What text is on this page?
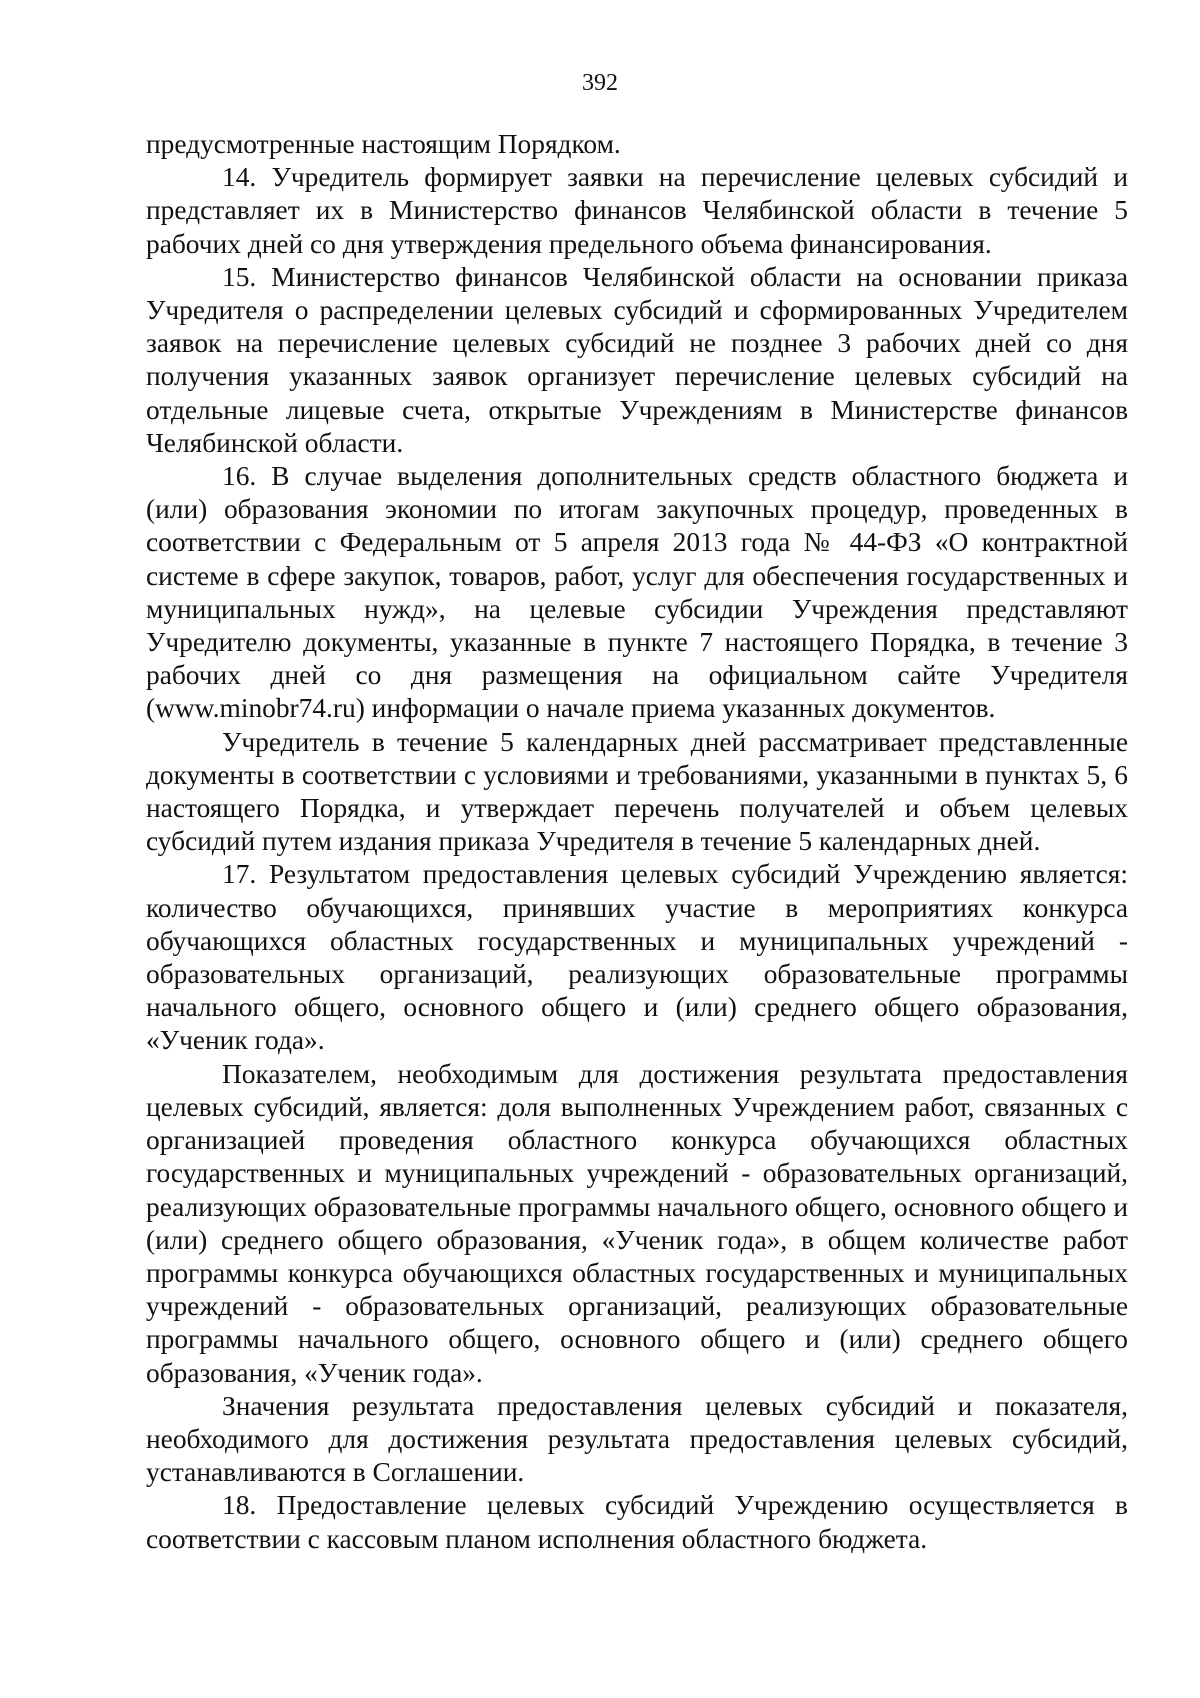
392

предусмотренные настоящим Порядком.

14. Учредитель формирует заявки на перечисление целевых субсидий и представляет их в Министерство финансов Челябинской области в течение 5 рабочих дней со дня утверждения предельного объема финансирования.

15. Министерство финансов Челябинской области на основании приказа Учредителя о распределении целевых субсидий и сформированных Учредителем заявок на перечисление целевых субсидий не позднее 3 рабочих дней со дня получения указанных заявок организует перечисление целевых субсидий на отдельные лицевые счета, открытые Учреждениям в Министерстве финансов Челябинской области.

16. В случае выделения дополнительных средств областного бюджета и (или) образования экономии по итогам закупочных процедур, проведенных в соответствии с Федеральным от 5 апреля 2013 года № 44-ФЗ «О контрактной системе в сфере закупок, товаров, работ, услуг для обеспечения государственных и муниципальных нужд», на целевые субсидии Учреждения представляют Учредителю документы, указанные в пункте 7 настоящего Порядка, в течение 3 рабочих дней со дня размещения на официальном сайте Учредителя (www.minobr74.ru) информации о начале приема указанных документов.

Учредитель в течение 5 календарных дней рассматривает представленные документы в соответствии с условиями и требованиями, указанными в пунктах 5, 6 настоящего Порядка, и утверждает перечень получателей и объем целевых субсидий путем издания приказа Учредителя в течение 5 календарных дней.

17. Результатом предоставления целевых субсидий Учреждению является: количество обучающихся, принявших участие в мероприятиях конкурса обучающихся областных государственных и муниципальных учреждений - образовательных организаций, реализующих образовательные программы начального общего, основного общего и (или) среднего общего образования, «Ученик года».

Показателем, необходимым для достижения результата предоставления целевых субсидий, является: доля выполненных Учреждением работ, связанных с организацией проведения областного конкурса обучающихся областных государственных и муниципальных учреждений - образовательных организаций, реализующих образовательные программы начального общего, основного общего и (или) среднего общего образования, «Ученик года», в общем количестве работ программы конкурса обучающихся областных государственных и муниципальных учреждений - образовательных организаций, реализующих образовательные программы начального общего, основного общего и (или) среднего общего образования, «Ученик года».

Значения результата предоставления целевых субсидий и показателя, необходимого для достижения результата предоставления целевых субсидий, устанавливаются в Соглашении.

18. Предоставление целевых субсидий Учреждению осуществляется в соответствии с кассовым планом исполнения областного бюджета.
